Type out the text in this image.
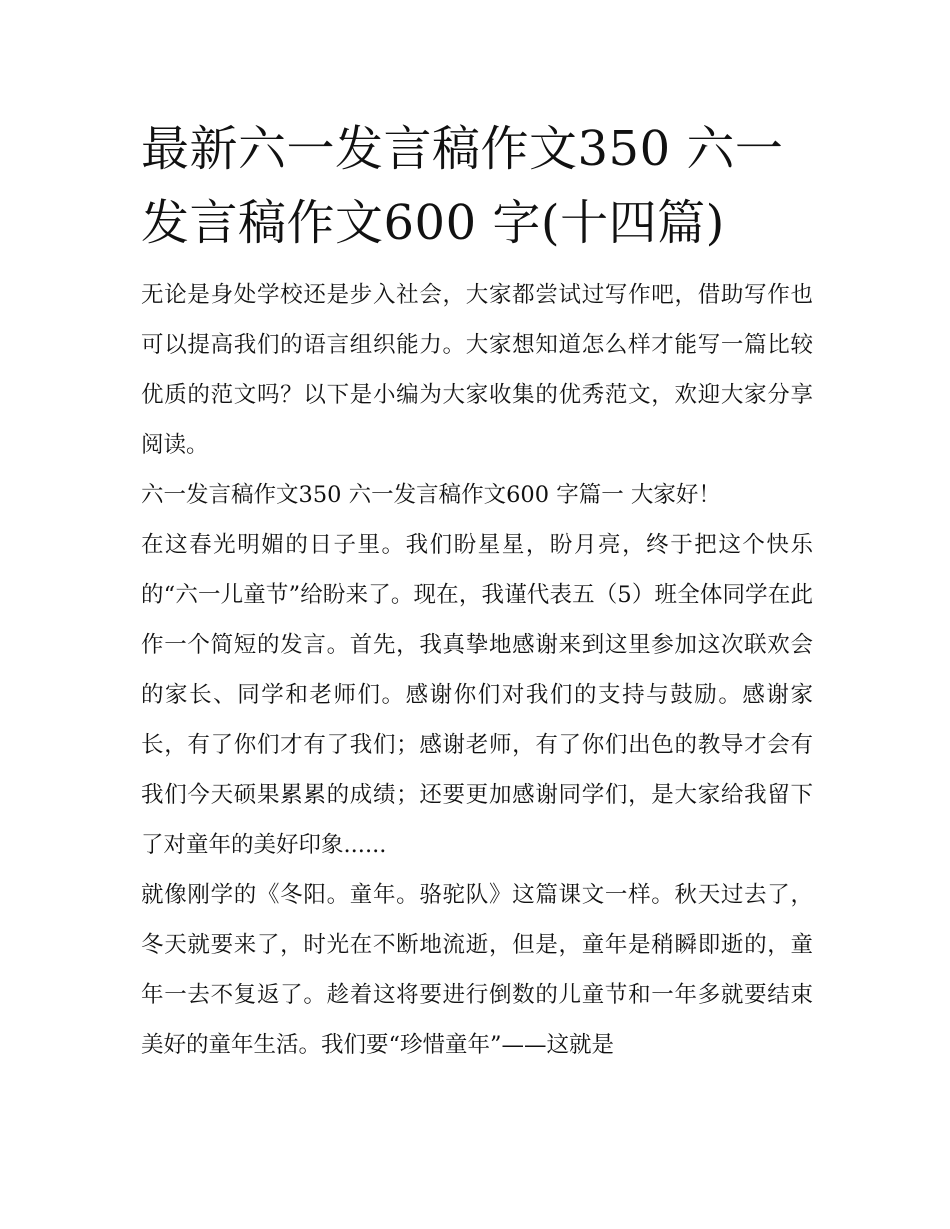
最新六一发言稿作文350 六一发言稿作文600 字(十四篇)

无论是身处学校还是步入社会，大家都尝试过写作吧，借助写作也可以提高我们的语言组织能力。大家想知道怎么样才能写一篇比较优质的范文吗？以下是小编为大家收集的优秀范文，欢迎大家分享阅读。

六一发言稿作文350 六一发言稿作文600 字篇一 大家好！

在这春光明媚的日子里。我们盼星星，盼月亮，终于把这个快乐的“六一儿童节”给盼来了。现在，我谨代表五（5）班全体同学在此作一个简短的发言。首先，我真挚地感谢来到这里参加这次联欢会的家长、同学和老师们。感谢你们对我们的支持与鼓励。感谢家长，有了你们才有了我们；感谢老师，有了你们出色的教导才会有我们今天硕果累累的成绩；还要更加感谢同学们，是大家给我留下了对童年的美好印象......

就像刚学的《冬阳。童年。骆驼队》这篇课文一样。秋天过去了，冬天就要来了，时光在不断地流逝，但是，童年是稍瞬即逝的，童年一去不复返了。趁着这将要进行倒数的儿童节和一年多就要结束美好的童年生活。我们要“珍惜童年”——这就是
